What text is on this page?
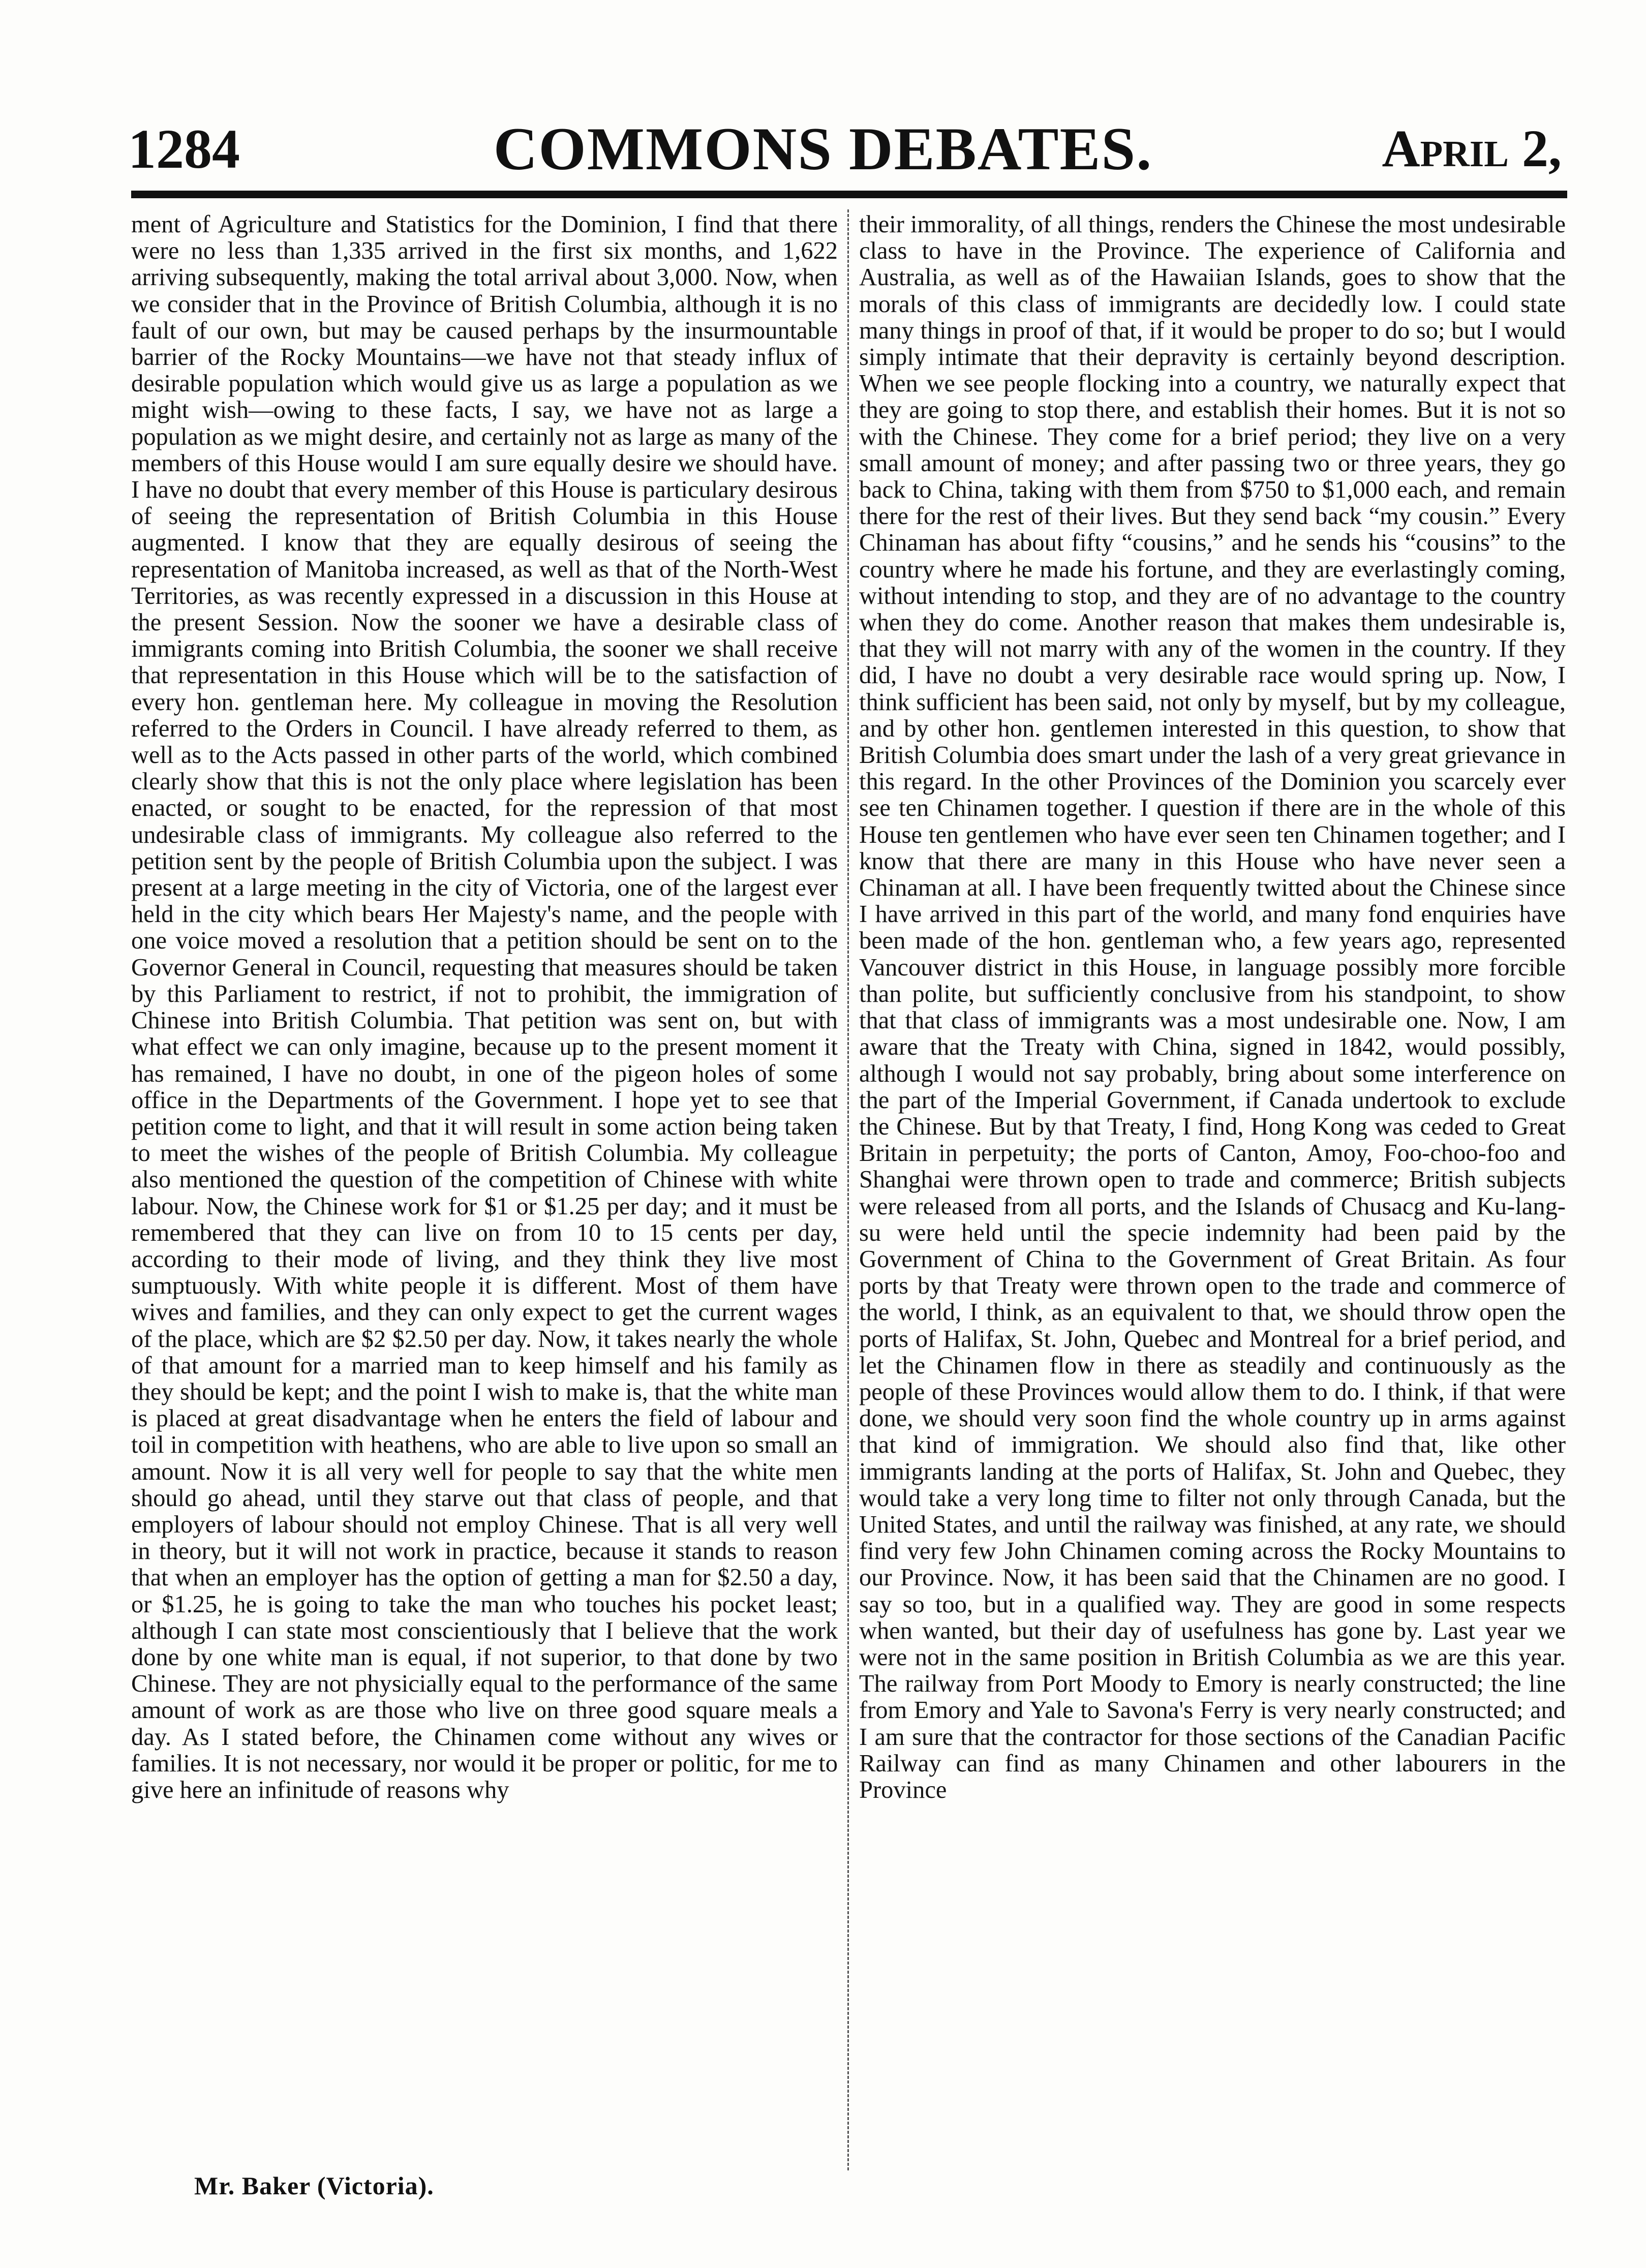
COMMONS DEBATES.
1284	April 2,

ment of Agriculture and Statistics for the Dominion, I find that there were no less than 1,335 arrived in the first six months, and 1,622 arriving subsequently, making the total arrival about 3,000. Now, when we consider that in the Province of British Columbia, although it is no fault of our own, but may be caused perhaps by the insurmountable barrier of the Rocky Mountains—we have not that steady influx of desirable population which would give us as large a population as we might wish—owing to these facts, I say, we have not as large a population as we might desire, and certainly not as large as many of the members of this House would I am sure equally desire we should have. I have no doubt that every member of this House is particulary desirous of seeing the representation of British Columbia in this House augmented. I know that they are equally desirous of seeing the representation of Manitoba increased, as well as that of the North-West Territories, as was recently expressed in a discussion in this House at the present Session. Now the sooner we have a desirable class of immigrants coming into British Columbia, the sooner we shall receive that representation in this House which will be to the satisfaction of every hon. gentleman here. My colleague in moving the Resolution referred to the Orders in Council. I have already referred to them, as well as to the Acts passed in other parts of the world, which combined clearly show that this is not the only place where legislation has been enacted, or sought to be enacted, for the repression of that most undesirable class of immigrants. My colleague also referred to the petition sent by the people of British Columbia upon the subject. I was present at a large meeting in the city of Victoria, one of the largest ever held in the city which bears Her Majesty's name, and the people with one voice moved a resolution that a petition should be sent on to the Governor General in Council, requesting that measures should be taken by this Parliament to restrict, if not to prohibit, the immigration of Chinese into British Columbia. That petition was sent on, but with what effect we can only imagine, because up to the present moment it has remained, I have no doubt, in one of the pigeon holes of some office in the Departments of the Government. I hope yet to see that petition come to light, and that it will result in some action being taken to meet the wishes of the people of British Columbia. My colleague also mentioned the question of the competition of Chinese with white labour. Now, the Chinese work for $1 or $1.25 per day; and it must be remembered that they can live on from 10 to 15 cents per day, according to their mode of living, and they think they live most sumptuously. With white people it is different. Most of them have wives and families, and they can only expect to get the current wages of the place, which are $2 $2.50 per day. Now, it takes nearly the whole of that amount for a married man to keep himself and his family as they should be kept; and the point I wish to make is, that the white man is placed at great disadvantage when he enters the field of labour and toil in competition with heathens, who are able to live upon so small an amount. Now it is all very well for people to say that the white men should go ahead, until they starve out that class of people, and that employers of labour should not employ Chinese. That is all very well in theory, but it will not work in practice, because it stands to reason that when an employer has the option of getting a man for $2.50 a day, or $1.25, he is going to take the man who touches his pocket least; although I can state most conscientiously that I believe that the work done by one white man is equal, if not superior, to that done by two Chinese. They are not physicially equal to the performance of the same amount of work as are those who live on three good square meals a day. As I stated before, the Chinamen come without any wives or families. It is not necessary, nor would it be proper or politic, for me to give here an infinitude of reasons why

their immorality, of all things, renders the Chinese the most undesirable class to have in the Province. The experience of California and Australia, as well as of the Hawaiian Islands, goes to show that the morals of this class of immigrants are decidedly low. I could state many things in proof of that, if it would be proper to do so; but I would simply intimate that their depravity is certainly beyond description. When we see people flocking into a country, we naturally expect that they are going to stop there, and establish their homes. But it is not so with the Chinese. They come for a brief period; they live on a very small amount of money; and after passing two or three years, they go back to China, taking with them from $750 to $1,000 each, and remain there for the rest of their lives. But they send back “my cousin.” Every Chinaman has about fifty “cousins,” and he sends his “cousins” to the country where he made his fortune, and they are everlastingly coming, without intending to stop, and they are of no advantage to the country when they do come. Another reason that makes them undesirable is, that they will not marry with any of the women in the country. If they did, I have no doubt a very desirable race would spring up. Now, I think sufficient has been said, not only by myself, but by my colleague, and by other hon. gentlemen interested in this question, to show that British Columbia does smart under the lash of a very great grievance in this regard. In the other Provinces of the Dominion you scarcely ever see ten Chinamen together. I question if there are in the whole of this House ten gentlemen who have ever seen ten Chinamen together; and I know that there are many in this House who have never seen a Chinaman at all. I have been frequently twitted about the Chinese since I have arrived in this part of the world, and many fond enquiries have been made of the hon. gentleman who, a few years ago, represented Vancouver district in this House, in language possibly more forcible than polite, but sufficiently conclusive from his standpoint, to show that that class of immigrants was a most undesirable one. Now, I am aware that the Treaty with China, signed in 1842, would possibly, although I would not say probably, bring about some interference on the part of the Imperial Government, if Canada undertook to exclude the Chinese. But by that Treaty, I find, Hong Kong was ceded to Great Britain in perpetuity; the ports of Canton, Amoy, Foo-choo-foo and Shanghai were thrown open to trade and commerce; British subjects were released from all ports, and the Islands of Chusacg and Ku-lang-su were held until the specie indemnity had been paid by the Government of China to the Government of Great Britain. As four ports by that Treaty were thrown open to the trade and commerce of the world, I think, as an equivalent to that, we should throw open the ports of Halifax, St. John, Quebec and Montreal for a brief period, and let the Chinamen flow in there as steadily and continuously as the people of these Provinces would allow them to do. I think, if that were done, we should very soon find the whole country up in arms against that kind of immigration. We should also find that, like other immigrants landing at the ports of Halifax, St. John and Quebec, they would take a very long time to filter not only through Canada, but the United States, and until the railway was finished, at any rate, we should find very few John Chinamen coming across the Rocky Mountains to our Province. Now, it has been said that the Chinamen are no good. I say so too, but in a qualified way. They are good in some respects when wanted, but their day of usefulness has gone by. Last year we were not in the same position in British Columbia as we are this year. The railway from Port Moody to Emory is nearly constructed; the line from Emory and Yale to Savona's Ferry is very nearly constructed; and I am sure that the contractor for those sections of the Canadian Pacific Railway can find as many Chinamen and other labourers in the Province

Mr. Baker (Victoria).
